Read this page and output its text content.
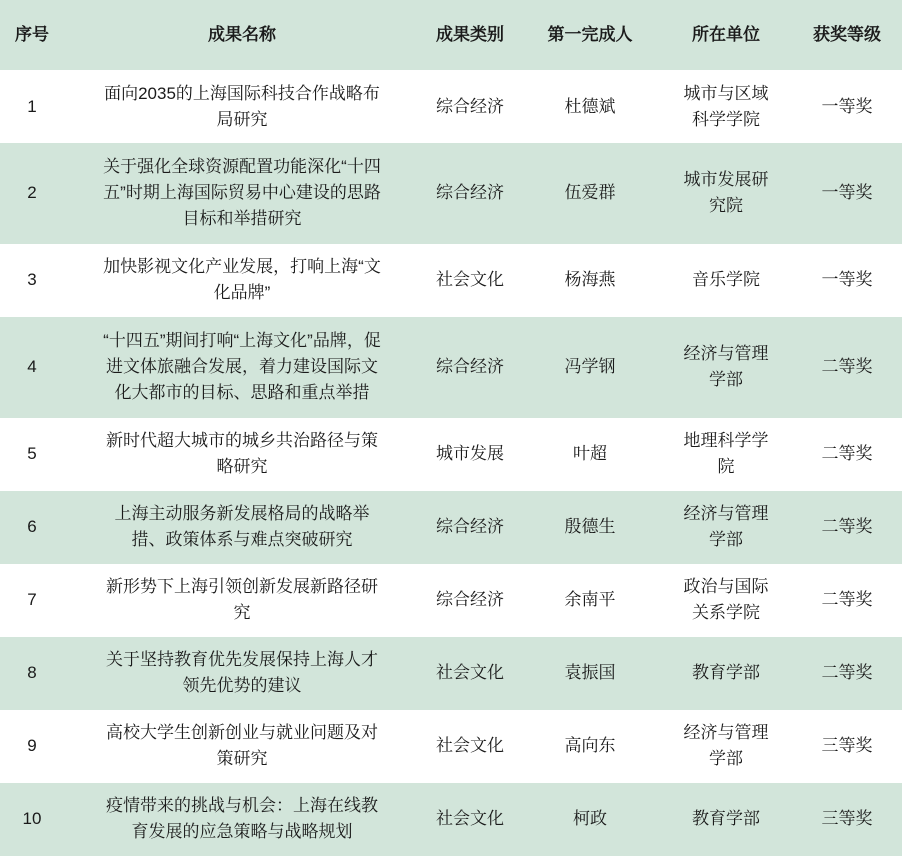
序号	成果名称	成果类别	第一完成人	所在单位	获奖等级
1	面向2035的上海国际科技合作战略布局研究	综合经济	杜德斌	城市与区域科学学院	一等奖
2	关于强化全球资源配置功能深化“十四五”时期上海国际贸易中心建设的思路目标和举措研究	综合经济	伍爱群	城市发展研究院	一等奖
3	加快影视文化产业发展，打响上海“文化品牌”	社会文化	杨海燕	音乐学院	一等奖
4	“十四五”期间打响“上海文化”品牌，促进文体旅融合发展，着力建设国际文化大都市的目标、思路和重点举措	综合经济	冯学钢	经济与管理学部	二等奖
5	新时代超大城市的城乡共治路径与策略研究	城市发展	叶超	地理科学学院	二等奖
6	上海主动服务新发展格局的战略举措、政策体系与难点突破研究	综合经济	殷德生	经济与管理学部	二等奖
7	新形势下上海引领创新发展新路径研究	综合经济	余南平	政治与国际关系学院	二等奖
8	关于坚持教育优先发展保持上海人才领先优势的建议	社会文化	袁振国	教育学部	二等奖
9	高校大学生创新创业与就业问题及对策研究	社会文化	高向东	经济与管理学部	三等奖
10	疫情带来的挑战与机会：上海在线教育发展的应急策略与战略规划	社会文化	柯政	教育学部	三等奖
